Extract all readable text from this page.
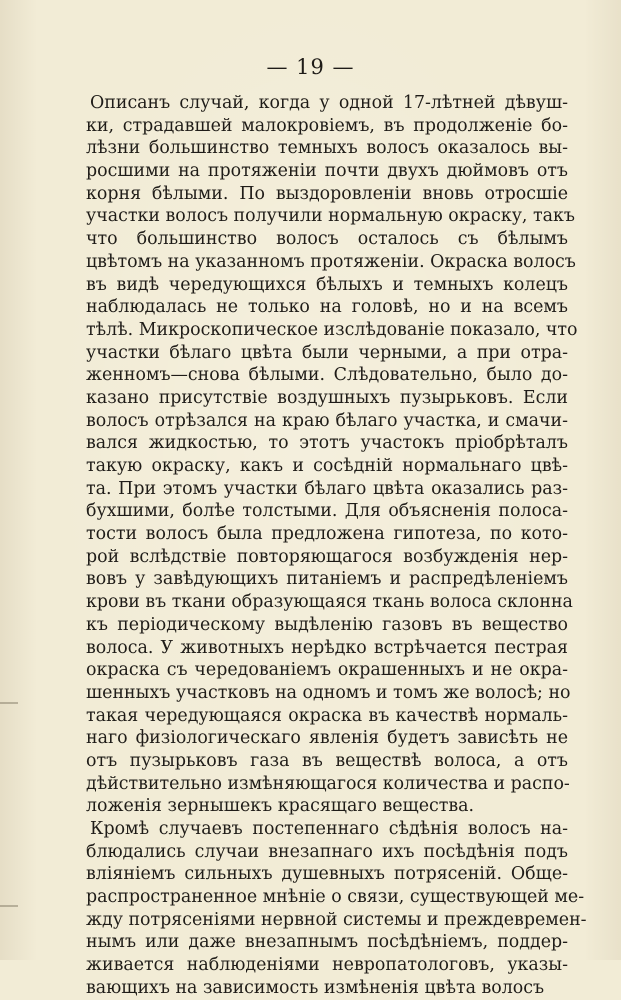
— 19 —
Описанъ случай, когда у одной 17-лѣтней дѣвуш-
ки, страдавшей малокровіемъ, въ продолженіе бо-
лѣзни большинство темныхъ волосъ оказалось вы-
росшими на протяженіи почти двухъ дюймовъ отъ
корня бѣлыми. По выздоровленіи вновь отросшіе
участки волосъ получили нормальную окраску, такъ
что большинство волосъ осталось съ бѣлымъ
цвѣтомъ на указанномъ протяженіи. Окраска волосъ
въ видѣ чередующихся бѣлыхъ и темныхъ колецъ
наблюдалась не только на головѣ, но и на всемъ
тѣлѣ. Микроскопическое изслѣдованіе показало, что
участки бѣлаго цвѣта были черными, а при отра-
женномъ—снова бѣлыми. Слѣдовательно, было до-
казано присутствіе воздушныхъ пузырьковъ. Если
волосъ отрѣзался на краю бѣлаго участка, и смачи-
вался жидкостью, то этотъ участокъ пріобрѣталъ
такую окраску, какъ и сосѣдній нормальнаго цвѣ-
та. При этомъ участки бѣлаго цвѣта оказались раз-
бухшими, болѣе толстыми. Для объясненія полоса-
тости волосъ была предложена гипотеза, по кото-
рой вслѣдствіе повторяющагося возбужденія нер-
вовъ у завѣдующихъ питаніемъ и распредѣленіемъ
крови въ ткани образующаяся ткань волоса склонна
къ періодическому выдѣленію газовъ въ вещество
волоса. У животныхъ нерѣдко встрѣчается пестрая
окраска съ чередованіемъ окрашенныхъ и не окра-
шенныхъ участковъ на одномъ и томъ же волосѣ; но
такая чередующаяся окраска въ качествѣ нормаль-
наго физіологическаго явленія будетъ зависѣть не
отъ пузырьковъ газа въ веществѣ волоса, а отъ
дѣйствительно измѣняющагося количества и распо-
ложенія зернышекъ красящаго вещества.
Кромѣ случаевъ постепеннаго сѣдѣнія волосъ на-
блюдались случаи внезапнаго ихъ посѣдѣнія подъ
вліяніемъ сильныхъ душевныхъ потрясеній. Обще-
распространенное мнѣніе о связи, существующей ме-
жду потрясеніями нервной системы и преждевремен-
нымъ или даже внезапнымъ посѣдѣніемъ, поддер-
живается наблюденіями невропатологовъ, указы-
вающихъ на зависимость измѣненія цвѣта волосъ
